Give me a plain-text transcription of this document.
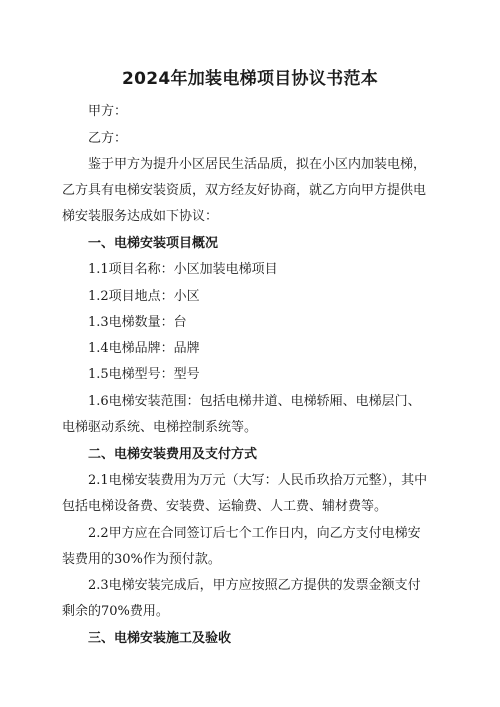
2024年加装电梯项目协议书范本

甲方：

乙方：

鉴于甲方为提升小区居民生活品质，拟在小区内加装电梯，乙方具有电梯安装资质，双方经友好协商，就乙方向甲方提供电梯安装服务达成如下协议：

一、电梯安装项目概况

1.1项目名称：小区加装电梯项目

1.2项目地点：小区

1.3电梯数量：台

1.4电梯品牌：品牌

1.5电梯型号：型号

1.6电梯安装范围：包括电梯井道、电梯轿厢、电梯层门、电梯驱动系统、电梯控制系统等。

二、电梯安装费用及支付方式

2.1电梯安装费用为万元（大写：人民币玖拾万元整），其中包括电梯设备费、安装费、运输费、人工费、辅材费等。

2.2甲方应在合同签订后七个工作日内，向乙方支付电梯安装费用的30%作为预付款。

2.3电梯安装完成后，甲方应按照乙方提供的发票金额支付剩余的70%费用。

三、电梯安装施工及验收
